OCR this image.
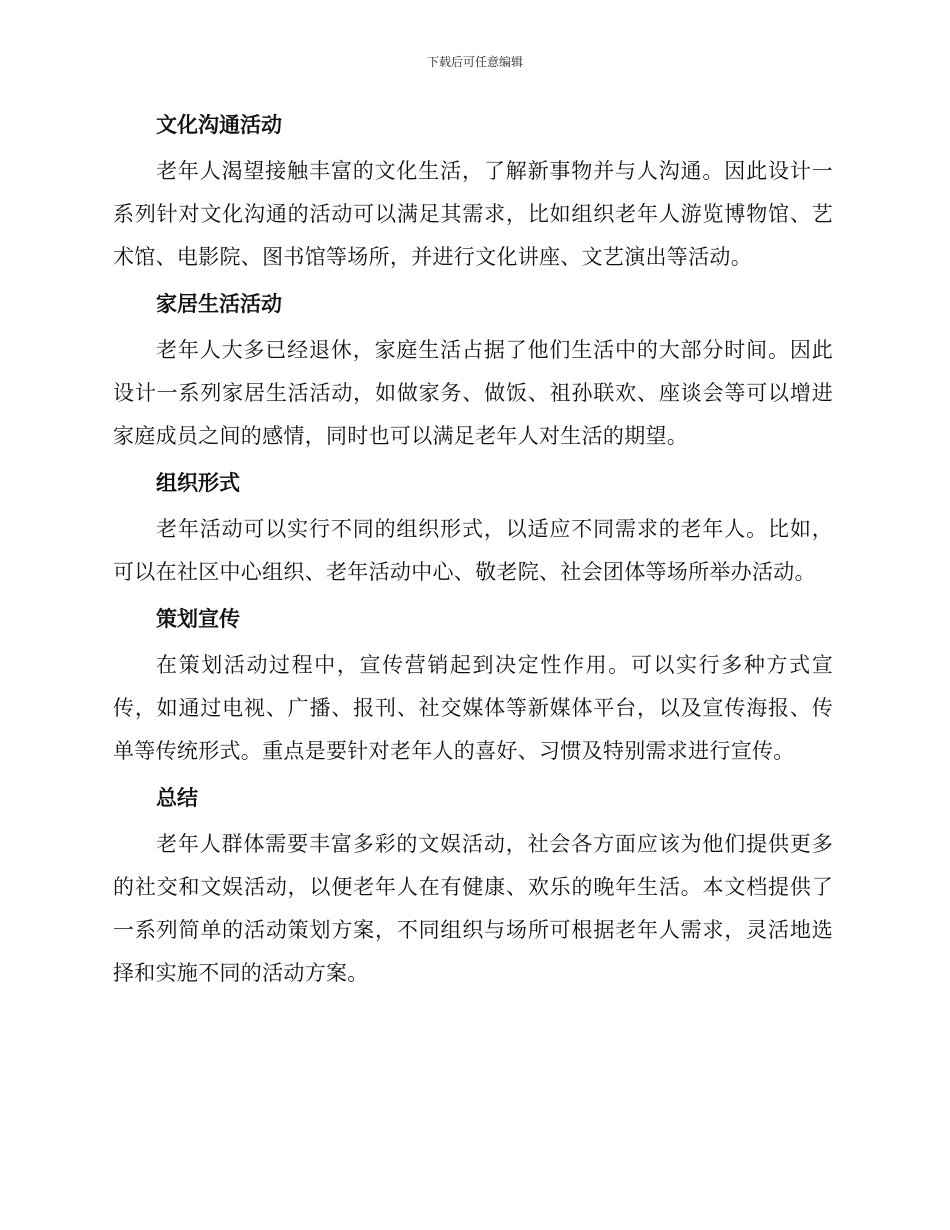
下载后可任意编辑
文化沟通活动

老年人渴望接触丰富的文化生活，了解新事物并与人沟通。因此设计一系列针对文化沟通的活动可以满足其需求，比如组织老年人游览博物馆、艺术馆、电影院、图书馆等场所，并进行文化讲座、文艺演出等活动。

家居生活活动

老年人大多已经退休，家庭生活占据了他们生活中的大部分时间。因此设计一系列家居生活活动，如做家务、做饭、祖孙联欢、座谈会等可以增进家庭成员之间的感情，同时也可以满足老年人对生活的期望。

组织形式

老年活动可以实行不同的组织形式，以适应不同需求的老年人。比如，可以在社区中心组织、老年活动中心、敬老院、社会团体等场所举办活动。

策划宣传

在策划活动过程中，宣传营销起到决定性作用。可以实行多种方式宣传，如通过电视、广播、报刊、社交媒体等新媒体平台，以及宣传海报、传单等传统形式。重点是要针对老年人的喜好、习惯及特别需求进行宣传。

总结

老年人群体需要丰富多彩的文娱活动，社会各方面应该为他们提供更多的社交和文娱活动，以便老年人在有健康、欢乐的晚年生活。本文档提供了一系列简单的活动策划方案，不同组织与场所可根据老年人需求，灵活地选择和实施不同的活动方案。
